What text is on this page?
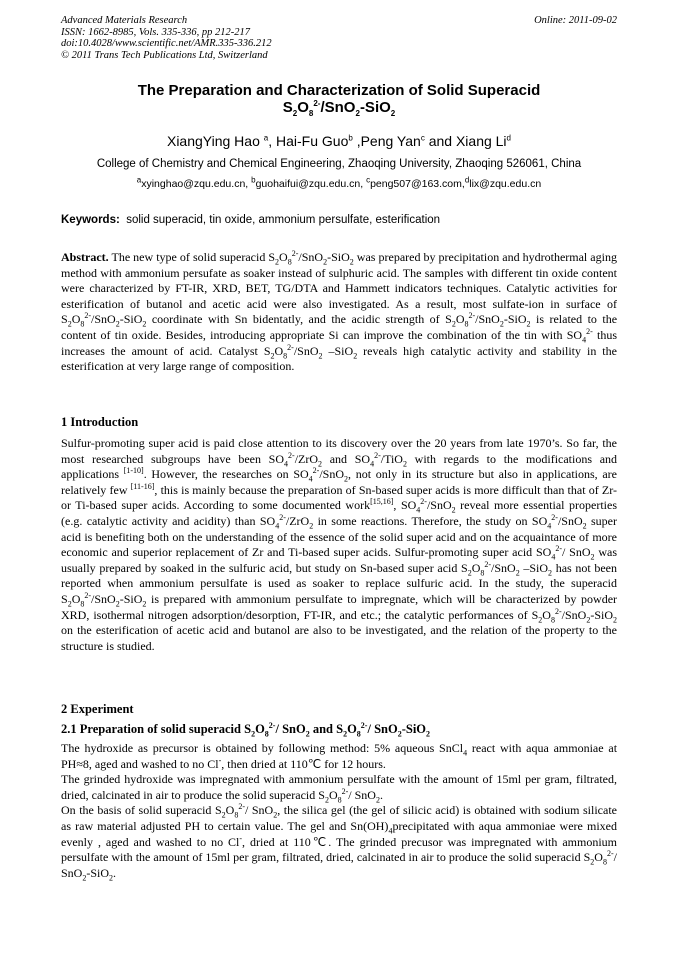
Advanced Materials Research
ISSN: 1662-8985, Vols. 335-336, pp 212-217
doi:10.4028/www.scientific.net/AMR.335-336.212
© 2011 Trans Tech Publications Ltd, Switzerland
Online: 2011-09-02
The Preparation and Characterization of Solid Superacid
$S_2O_8^{2-}/SnO_2-SiO_2$
XiangYing Hao $^a$, Hai-Fu Guo$^b$ ,Peng Yan$^c$ and Xiang Li$^d$
College of Chemistry and Chemical Engineering, Zhaoqing University, Zhaoqing 526061, China
$^a$xyinghao@zqu.edu.cn, $^b$guohaifui@zqu.edu.cn, $^c$peng507@163.com,$^d$lix@zqu.edu.cn
Keywords: solid superacid, tin oxide, ammonium persulfate, esterification

Abstract. The new type of solid superacid $S_2O_8^{2-}/SnO_2-SiO_2$ was prepared by precipitation and hydrothermal aging method with ammonium persufate as soaker instead of sulphuric acid. The samples with different tin oxide content were characterized by FT-IR, XRD, BET, TG/DTA and Hammett indicators techniques. Catalytic activities for esterification of butanol and acetic acid were also investigated. As a result, most sulfate-ion in surface of $S_2O_8^{2-}/SnO_2-SiO_2$ coordinate with Sn bidentatly, and the acidic strength of $S_2O_8^{2-}/SnO_2-SiO_2$ is related to the content of tin oxide. Besides, introducing appropriate Si can improve the combination of the tin with $SO_4^{2-}$ thus increases the amount of acid. Catalyst $S_2O_8^{2-}/SnO_2$ –SiO$_2$ reveals high catalytic activity and stability in the esterification at very large range of composition.

1 Introduction

Sulfur-promoting super acid is paid close attention to its discovery over the 20 years from late 1970’s. So far, the most researched subgroups have been $SO_4^{2-}/ZrO_2$ and $SO_4^{2-}/TiO_2$ with regards to the modifications and applications [1-10]. However, the researches on $SO_4^{2-}/SnO_2$, not only in its structure but also in applications, are relatively few [11-16], this is mainly because the preparation of Sn-based super acids is more difficult than that of Zr- or Ti-based super acids. According to some documented work[15,16], $SO_4^{2-}/SnO_2$ reveal more essential properties (e.g. catalytic activity and acidity) than $SO_4^{2-}/ZrO_2$ in some reactions. Therefore, the study on $SO_4^{2-}/SnO_2$ super acid is benefiting both on the understanding of the essence of the solid super acid and on the acquaintance of more economic and superior replacement of Zr and Ti-based super acids. Sulfur-promoting super acid $SO_4^{2-}/$ SnO$_2$ was usually prepared by soaked in the sulfuric acid, but study on Sn-based super acid $S_2O_8^{2-}/SnO_2$ –SiO$_2$ has not been reported when ammonium persulfate is used as soaker to replace sulfuric acid. In the study, the superacid $S_2O_8^{2-}/SnO_2-SiO_2$ is prepared with ammonium persulfate to impregnate, which will be characterized by powder XRD, isothermal nitrogen adsorption/desorption, FT-IR, and etc.; the catalytic performances of $S_2O_8^{2-}/SnO_2-SiO_2$ on the esterification of acetic acid and butanol are also to be investigated, and the relation of the property to the structure is studied.

2 Experiment
2.1 Preparation of solid superacid $S_2O_8^{2-}/$ SnO$_2$ and $S_2O_8^{2-}/$ SnO$_2$-SiO$_2$

The hydroxide as precursor is obtained by following method: 5% aqueous SnCl$_4$ react with aqua ammoniae at PH≈8, aged and washed to no Cl-, then dried at 110℃ for 12 hours.

The grinded hydroxide was impregnated with ammonium persulfate with the amount of 15ml per gram, filtrated, dried, calcinated in air to produce the solid superacid $S_2O_8^{2-}/$ SnO$_2$.

On the basis of solid superacid $S_2O_8^{2-}/$ SnO$_2$, the silica gel (the gel of silicic acid) is obtained with sodium silicate as raw material adjusted PH to certain value. The gel and $Sn(OH)_4precipitated$ with aqua ammoniae were mixed evenly , aged and washed to no Cl-, dried at 110℃. The grinded precusor was impregnated with ammonium persulfate with the amount of 15ml per gram, filtrated, dried, calcinated in air to produce the solid superacid $S_2O_8^{2-}/$ SnO$_2$-SiO$_2$.
